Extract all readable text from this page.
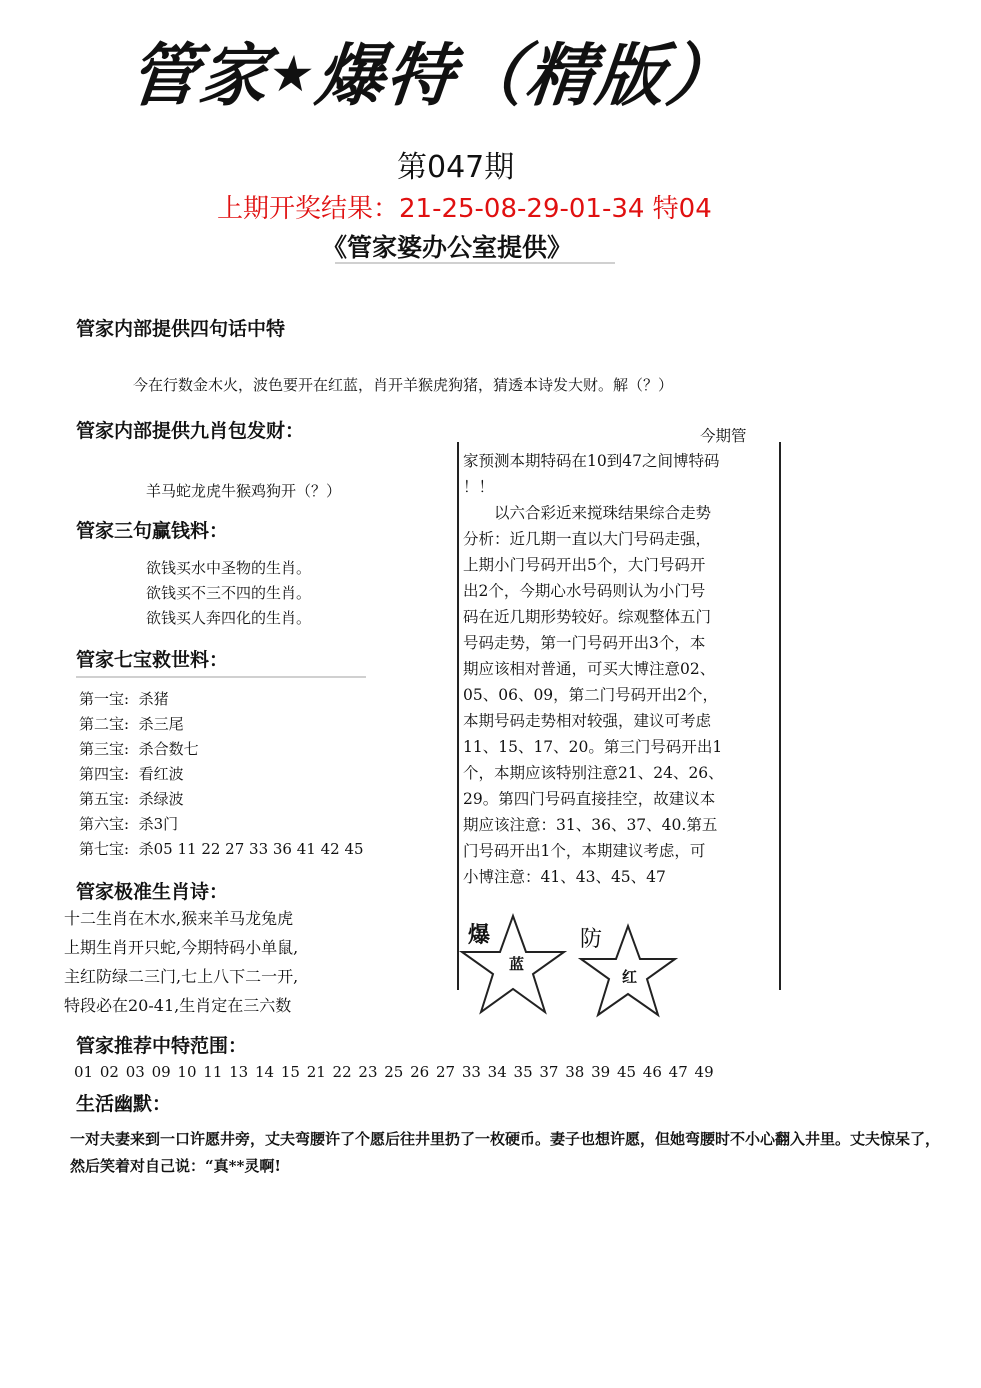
管家★爆特（精版）
第047期
上期开奖结果：21-25-08-29-01-34 特04
《管家婆办公室提供》
管家内部提供四句话中特
今在行数金木火，波色要开在红蓝，肖开羊猴虎狗猪，猜透本诗发大财。解（？）
管家内部提供九肖包发财：
羊马蛇龙虎牛猴鸡狗开（？）
管家三句赢钱料：
欲钱买水中圣物的生肖。
欲钱买不三不四的生肖。
欲钱买人奔四化的生肖。
管家七宝救世料：
第一宝: 杀猪
第二宝: 杀三尾
第三宝: 杀合数七
第四宝: 看红波
第五宝: 杀绿波
第六宝: 杀3门
第七宝: 杀05 11 22 27 33 36 41 42 45
管家极准生肖诗：
十二生肖在木水,猴来羊马龙兔虎
上期生肖开只蛇,今期特码小单鼠,
主红防绿二三门,七上八下二一开,
特段必在20-41,生肖定在三六数
今期管
家预测本期特码在10到47之间博特码
！！
　　以六合彩近来搅珠结果综合走势
分析：近几期一直以大门号码走强，
上期小门号码开出5个，大门号码开
出2个，今期心水号码则认为小门号
码在近几期形势较好。综观整体五门
号码走势，第一门号码开出3个，本
期应该相对普通，可买大博注意02、
05、06、09，第二门号码开出2个，
本期号码走势相对较强，建议可考虑
11、15、17、20。第三门号码开出1
个，本期应该特别注意21、24、26、
29。第四门号码直接挂空，故建议本
期应该注意：31、36、37、40.第五
门号码开出1个，本期建议考虑，可
小博注意：41、43、45、47
爆
蓝
防
红
管家推荐中特范围：
01 02 03 09 10 11 13 14 15 21 22 23 25 26 27 33 34 35 37 38 39 45 46 47 49
生活幽默：
一对夫妻来到一口许愿井旁，丈夫弯腰许了个愿后往井里扔了一枚硬币。妻子也想许愿，但她弯腰时不小心翻入井里。丈夫惊呆了，然后笑着对自己说：“真**灵啊!
